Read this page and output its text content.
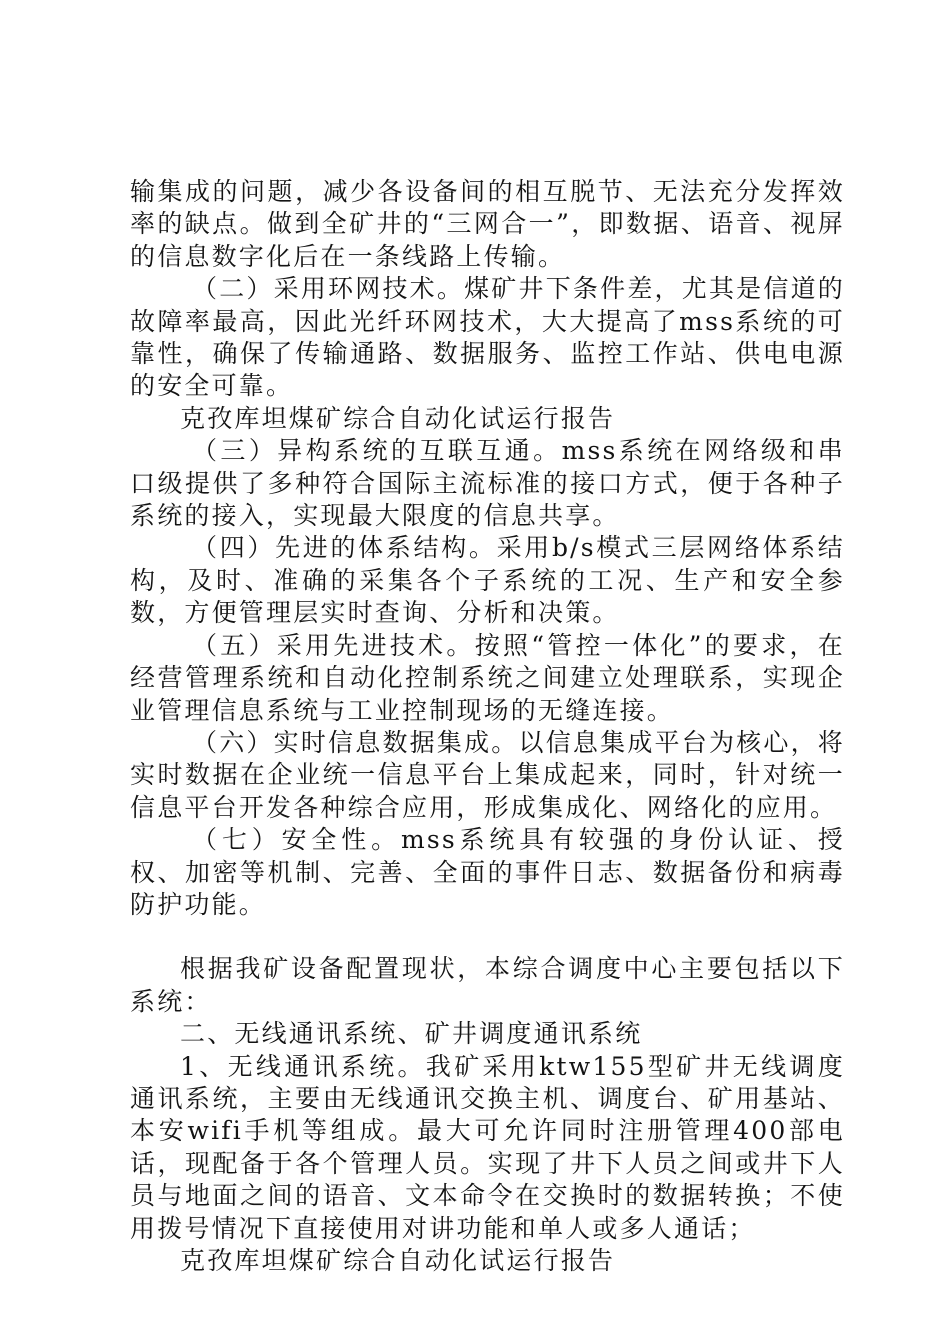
输集成的问题，减少各设备间的相互脱节、无法充分发挥效率的缺点。做到全矿井的“三网合一”，即数据、语音、视屏的信息数字化后在一条线路上传输。

（二）采用环网技术。煤矿井下条件差，尤其是信道的故障率最高，因此光纤环网技术，大大提高了mss系统的可靠性，确保了传输通路、数据服务、监控工作站、供电电源的安全可靠。

克孜库坦煤矿综合自动化试运行报告

（三）异构系统的互联互通。mss系统在网络级和串口级提供了多种符合国际主流标准的接口方式，便于各种子系统的接入，实现最大限度的信息共享。

（四）先进的体系结构。采用b/s模式三层网络体系结构，及时、准确的采集各个子系统的工况、生产和安全参数，方便管理层实时查询、分析和决策。

（五）采用先进技术。按照“管控一体化”的要求，在经营管理系统和自动化控制系统之间建立处理联系，实现企业管理信息系统与工业控制现场的无缝连接。

（六）实时信息数据集成。以信息集成平台为核心，将实时数据在企业统一信息平台上集成起来，同时，针对统一信息平台开发各种综合应用，形成集成化、网络化的应用。

（七）安全性。mss系统具有较强的身份认证、授权、加密等机制、完善、全面的事件日志、数据备份和病毒防护功能。

根据我矿设备配置现状，本综合调度中心主要包括以下系统：

二、无线通讯系统、矿井调度通讯系统

1、无线通讯系统。我矿采用ktw155型矿井无线调度通讯系统，主要由无线通讯交换主机、调度台、矿用基站、本安wifi手机等组成。最大可允许同时注册管理400部电话，现配备于各个管理人员。实现了井下人员之间或井下人员与地面之间的语音、文本命令在交换时的数据转换；不使用拨号情况下直接使用对讲功能和单人或多人通话；

克孜库坦煤矿综合自动化试运行报告
